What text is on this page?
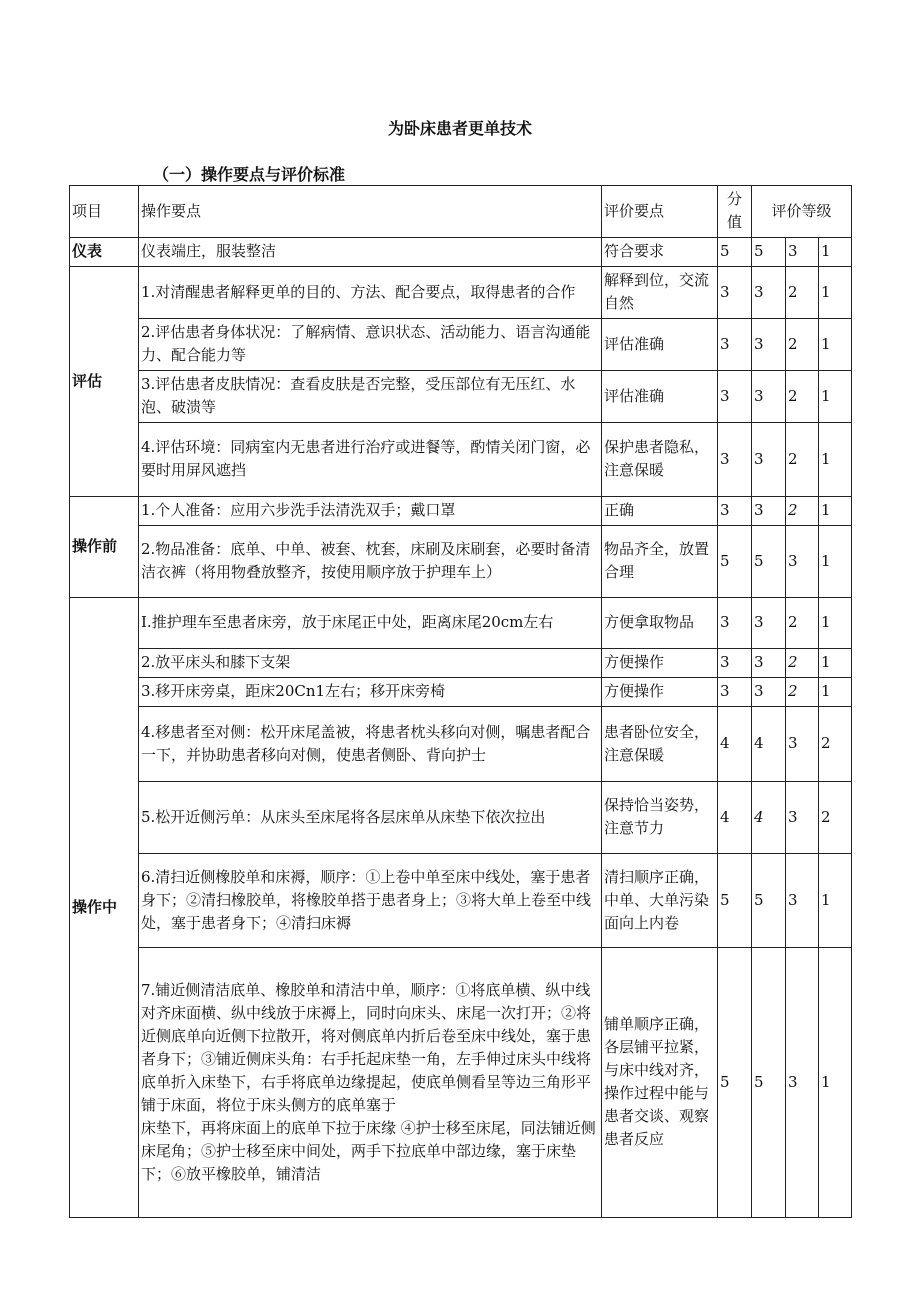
为卧床患者更单技术
（一）操作要点与评价标准
项目	操作要点	评价要点	分值	评价等级		
仪表	仪表端庄，服装整洁	符合要求	5	5	3	1
评估	1.对清醒患者解释更单的目的、方法、配合要点，取得患者的合作	解释到位，交流自然	3	3	2	1
	2.评估患者身体状况：了解病情、意识状态、活动能力、语言沟通能力、配合能力等	评估准确	3	3	2	1
	3.评估患者皮肤情况：查看皮肤是否完整，受压部位有无压红、水泡、破溃等	评估准确	3	3	2	1
	4.评估环境：同病室内无患者进行治疗或进餐等，酌情关闭门窗，必要时用屏风遮挡	保护患者隐私，注意保暖	3	3	2	1
操作前	1.个人准备：应用六步洗手法清洗双手；戴口罩	正确	3	3	2	1
	2.物品准备：底单、中单、被套、枕套，床刷及床刷套，必要时备清洁衣裤（将用物叠放整齐，按使用顺序放于护理车上）	物品齐全，放置合理	5	5	3	1
操作中	I.推护理车至患者床旁，放于床尾正中处，距离床尾20cm左右	方便拿取物品	3	3	2	1
	2.放平床头和膝下支架	方便操作	3	3	2	1
	3.移开床旁桌，距床20Cn1左右；移开床旁椅	方便操作	3	3	2	1
	4.移患者至对侧：松开床尾盖被，将患者枕头移向对侧，嘱患者配合一下，并协助患者移向对侧，使患者侧卧、背向护士	患者卧位安全，注意保暖	4	4	3	2
	5.松开近侧污单：从床头至床尾将各层床单从床垫下依次拉出	保持恰当姿势，注意节力	4	4	3	2
	6.清扫近侧橡胶单和床褥，顺序：①上卷中单至床中线处，塞于患者身下；②清扫橡胶单，将橡胶单搭于患者身上；③将大单上卷至中线处，塞于患者身下；④清扫床褥	清扫顺序正确，中单、大单污染面向上内卷	5	5	3	1
	7.铺近侧清洁底单、橡胶单和清洁中单，顺序：①将底单横、纵中线对齐床面横、纵中线放于床褥上，同时向床头、床尾一次打开；②将近侧底单向近侧下拉散开，将对侧底单内折后卷至床中线处，塞于患者身下；③铺近侧床头角：右手托起床垫一角，左手伸过床头中线将底单折入床垫下，右手将底单边缘提起，使底单侧看呈等边三角形平铺于床面，将位于床头侧方的底单塞于
床垫下，再将床面上的底单下拉于床缘 ④护士移至床尾，同法铺近侧床尾角；⑤护士移至床中间处，两手下拉底单中部边缘，塞于床垫下；⑥放平橡胶单，铺清洁	铺单顺序正确，各层铺平拉紧，与床中线对齐，操作过程中能与患者交谈、观察患者反应	5	5	3	1
